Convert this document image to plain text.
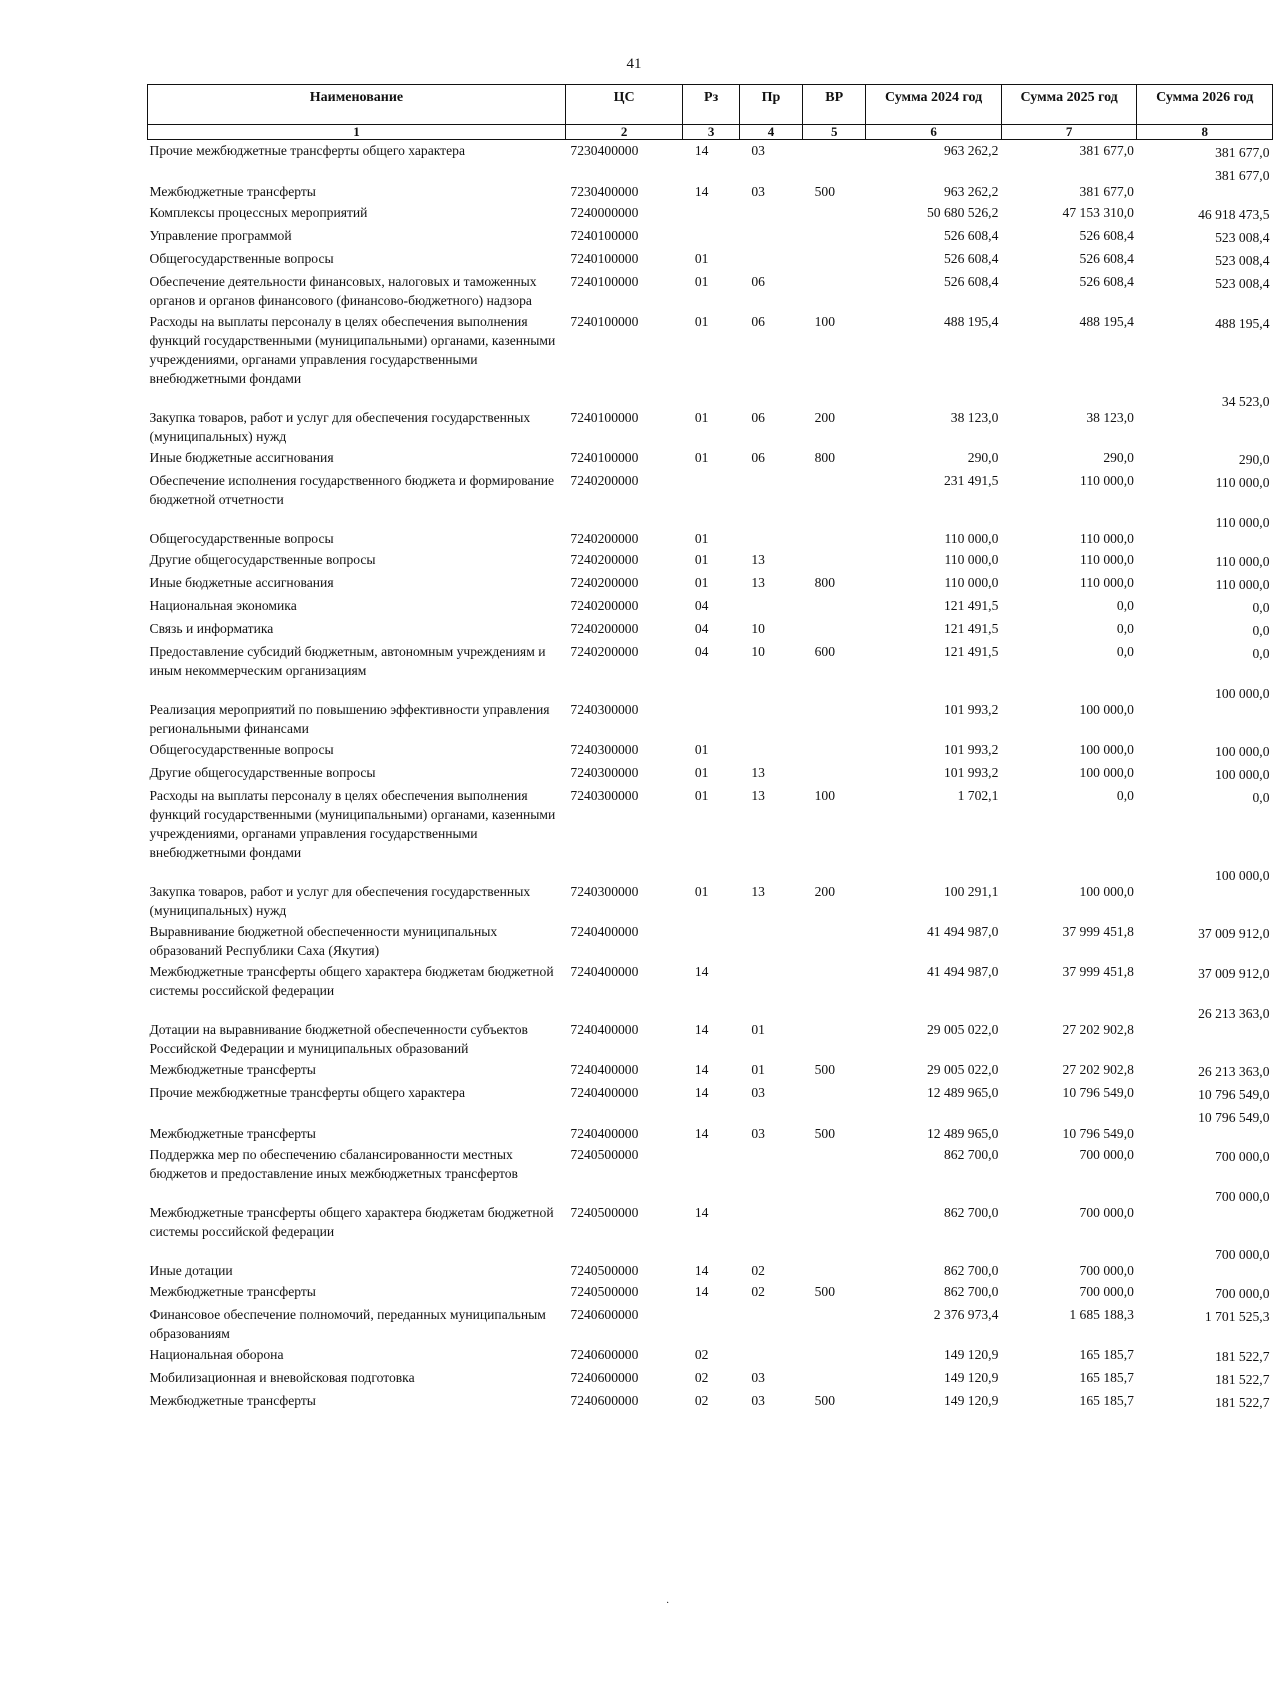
41
Наименование	ЦС	Рз	Пр	ВР	Сумма 2024 год	Сумма 2025 год	Сумма 2026 год
1	2	3	4	5	6	7	8
Прочие межбюджетные трансферты общего характера	7230400000	14	03		963 262,2	381 677,0	381 677,0
Межбюджетные трансферты	7230400000	14	03	500	963 262,2	381 677,0	381 677,0
Комплексы процессных мероприятий	7240000000				50 680 526,2	47 153 310,0	46 918 473,5
Управление программой	7240100000				526 608,4	526 608,4	523 008,4
Общегосударственные вопросы	7240100000	01			526 608,4	526 608,4	523 008,4
Обеспечение деятельности финансовых, налоговых и таможенных органов и органов финансового (финансово-бюджетного) надзора	7240100000	01	06		526 608,4	526 608,4	523 008,4
Расходы на выплаты персоналу в целях обеспечения выполнения функций государственными (муниципальными) органами, казенными учреждениями, органами управления государственными внебюджетными фондами	7240100000	01	06	100	488 195,4	488 195,4	488 195,4
Закупка товаров, работ и услуг для обеспечения государственных (муниципальных) нужд	7240100000	01	06	200	38 123,0	38 123,0	34 523,0
Иные бюджетные ассигнования	7240100000	01	06	800	290,0	290,0	290,0
Обеспечение исполнения государственного бюджета и формирование бюджетной отчетности	7240200000				231 491,5	110 000,0	110 000,0
Общегосударственные вопросы	7240200000	01			110 000,0	110 000,0	110 000,0
Другие общегосударственные вопросы	7240200000	01	13		110 000,0	110 000,0	110 000,0
Иные бюджетные ассигнования	7240200000	01	13	800	110 000,0	110 000,0	110 000,0
Национальная экономика	7240200000	04			121 491,5	0,0	0,0
Связь и информатика	7240200000	04	10		121 491,5	0,0	0,0
Предоставление субсидий бюджетным, автономным учреждениям и иным некоммерческим организациям	7240200000	04	10	600	121 491,5	0,0	0,0
Реализация мероприятий по повышению эффективности управления региональными финансами	7240300000				101 993,2	100 000,0	100 000,0
Общегосударственные вопросы	7240300000	01			101 993,2	100 000,0	100 000,0
Другие общегосударственные вопросы	7240300000	01	13		101 993,2	100 000,0	100 000,0
Расходы на выплаты персоналу в целях обеспечения выполнения функций государственными (муниципальными) органами, казенными учреждениями, органами управления государственными внебюджетными фондами	7240300000	01	13	100	1 702,1	0,0	0,0
Закупка товаров, работ и услуг для обеспечения государственных (муниципальных) нужд	7240300000	01	13	200	100 291,1	100 000,0	100 000,0
Выравнивание бюджетной обеспеченности муниципальных образований Республики Саха (Якутия)	7240400000				41 494 987,0	37 999 451,8	37 009 912,0
Межбюджетные трансферты общего характера бюджетам бюджетной системы российской федерации	7240400000	14			41 494 987,0	37 999 451,8	37 009 912,0
Дотации на выравнивание бюджетной обеспеченности субъектов Российской Федерации и муниципальных образований	7240400000	14	01		29 005 022,0	27 202 902,8	26 213 363,0
Межбюджетные трансферты	7240400000	14	01	500	29 005 022,0	27 202 902,8	26 213 363,0
Прочие межбюджетные трансферты общего характера	7240400000	14	03		12 489 965,0	10 796 549,0	10 796 549,0
Межбюджетные трансферты	7240400000	14	03	500	12 489 965,0	10 796 549,0	10 796 549,0
Поддержка мер по обеспечению сбалансированности местных бюджетов и предоставление иных межбюджетных трансфертов	7240500000				862 700,0	700 000,0	700 000,0
Межбюджетные трансферты общего характера бюджетам бюджетной системы российской федерации	7240500000	14			862 700,0	700 000,0	700 000,0
Иные дотации	7240500000	14	02		862 700,0	700 000,0	700 000,0
Межбюджетные трансферты	7240500000	14	02	500	862 700,0	700 000,0	700 000,0
Финансовое обеспечение полномочий, переданных муниципальным образованиям	7240600000				2 376 973,4	1 685 188,3	1 701 525,3
Национальная оборона	7240600000	02			149 120,9	165 185,7	181 522,7
Мобилизационная и вневойсковая подготовка	7240600000	02	03		149 120,9	165 185,7	181 522,7
Межбюджетные трансферты	7240600000	02	03	500	149 120,9	165 185,7	181 522,7
·
